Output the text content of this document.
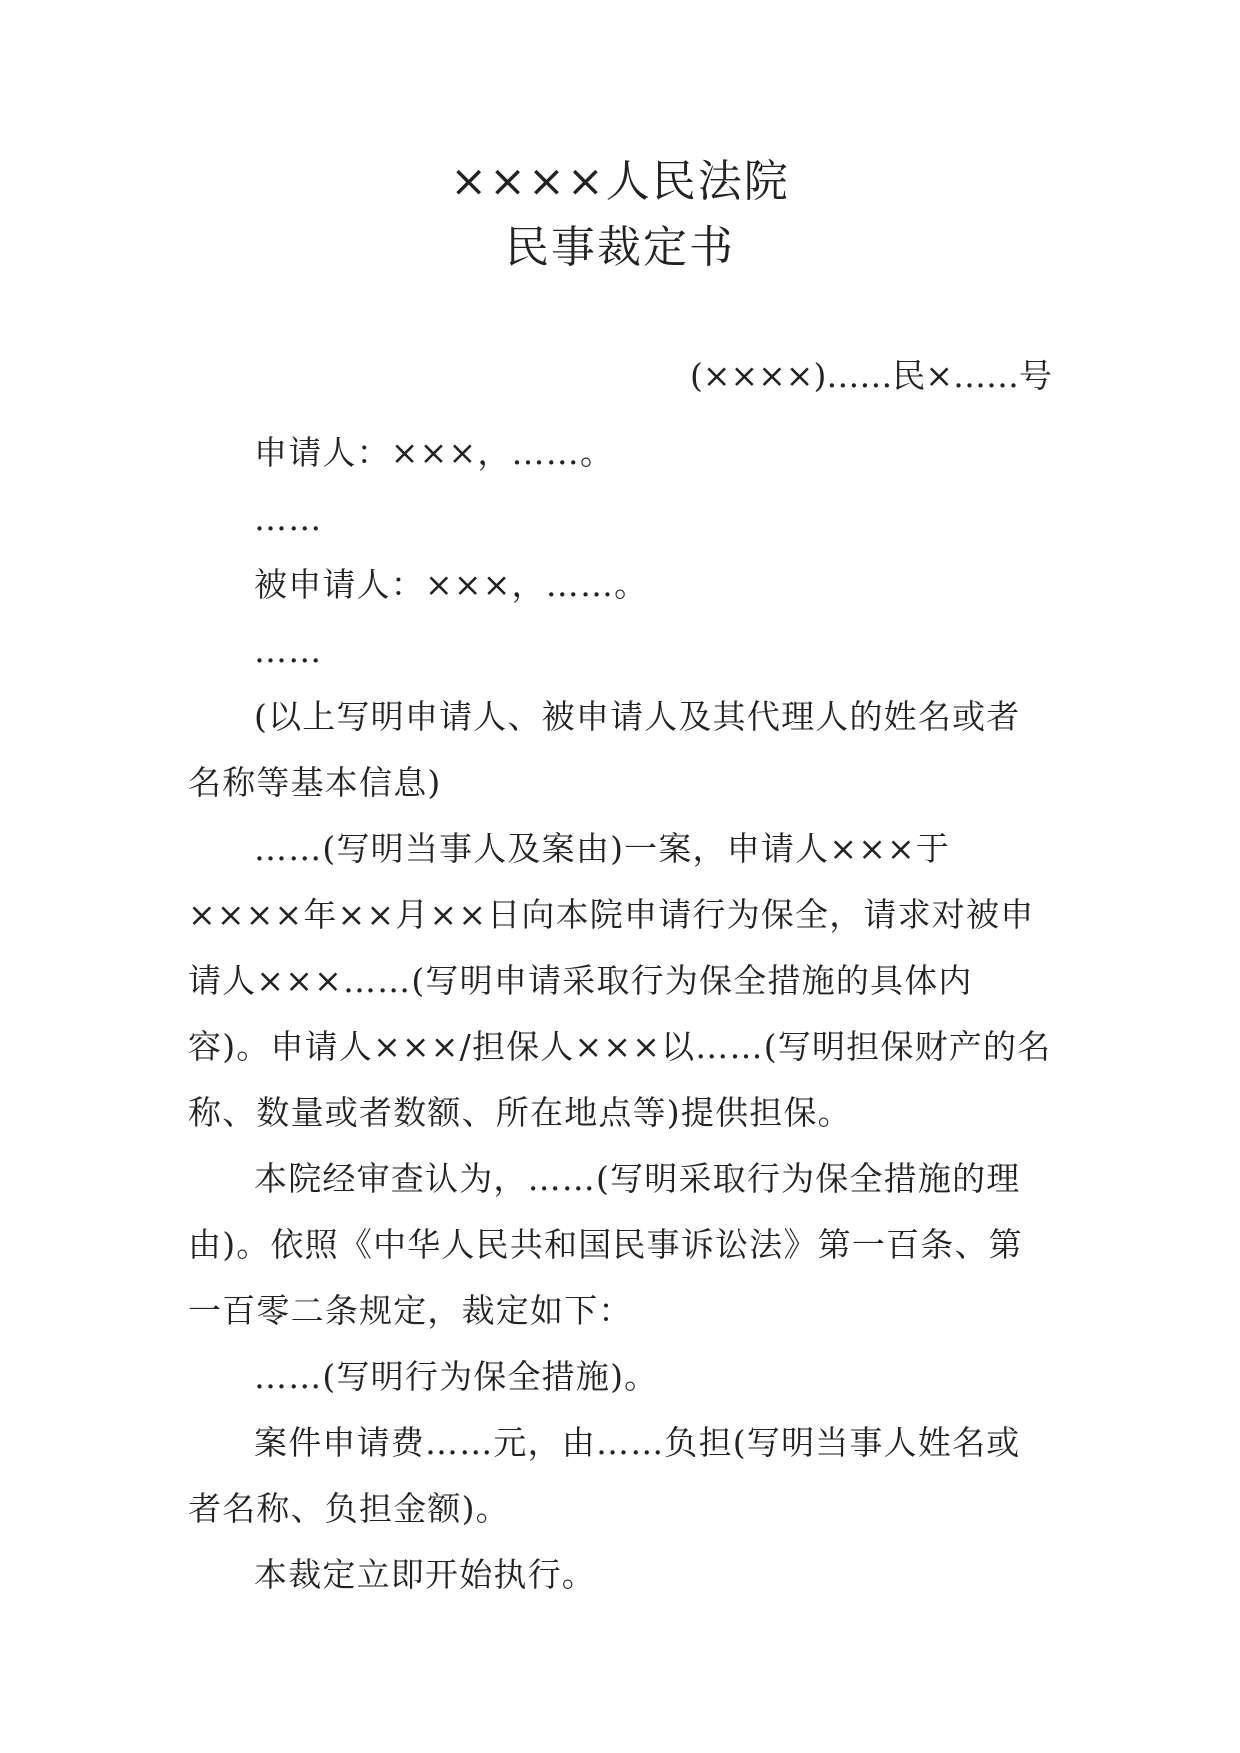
××××人民法院
民事裁定书
(××××)……民×……号

申请人：×××，……。

……

被申请人：×××，……。

……

(以上写明申请人、被申请人及其代理人的姓名或者名称等基本信息)

……(写明当事人及案由)一案，申请人×××于××××年××月××日向本院申请行为保全，请求对被申请人×××……(写明申请采取行为保全措施的具体内容)。申请人×××/担保人×××以……(写明担保财产的名称、数量或者数额、所在地点等)提供担保。

本院经审查认为，……(写明采取行为保全措施的理由)。依照《中华人民共和国民事诉讼法》第一百条、第一百零二条规定，裁定如下：

……(写明行为保全措施)。

案件申请费……元，由……负担(写明当事人姓名或者名称、负担金额)。

本裁定立即开始执行。
